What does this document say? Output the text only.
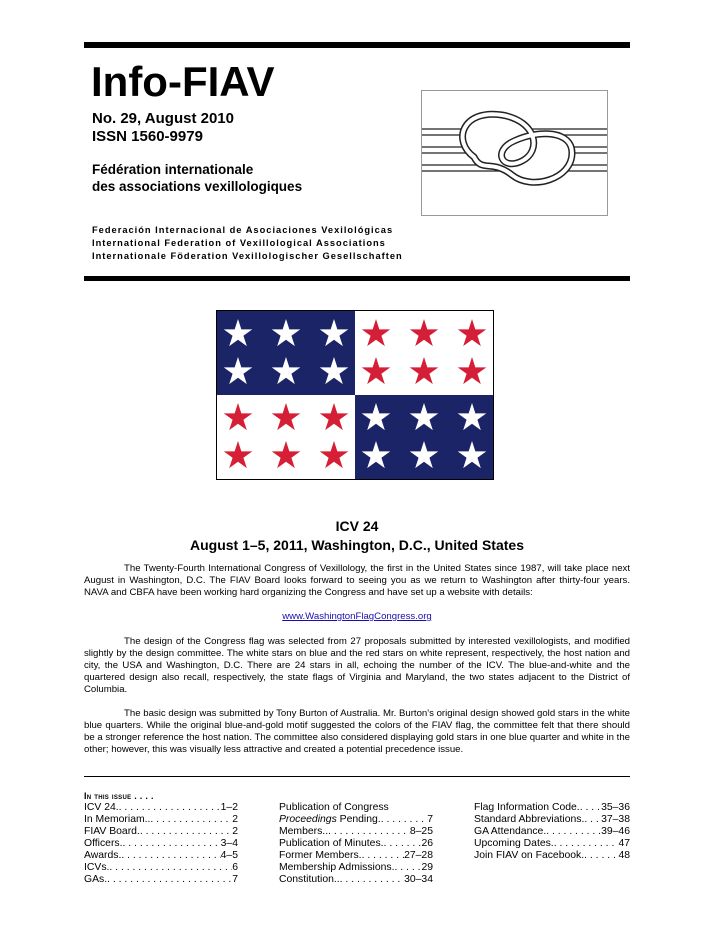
Info-FIAV
No. 29, August 2010
ISSN 1560-9979
Fédération internationale
des associations vexillologiques
Federación Internacional de Asociaciones Vexilológicas
International Federation of Vexillological Associations
Internationale Föderation Vexillologischer Gesellschaften
ICV 24
August 1–5, 2011, Washington, D.C., United States
The Twenty-Fourth International Congress of Vexillology, the first in the United States since 1987, will take place next August in Washington, D.C. The FIAV Board looks forward to seeing you as we return to Washington after thirty-four years. NAVA and CBFA have been working hard organizing the Congress and have set up a website with details:
www.WashingtonFlagCongress.org
The design of the Congress flag was selected from 27 proposals submitted by interested vexillologists, and modified slightly by the design committee. The white stars on blue and the red stars on white represent, respectively, the host nation and city, the USA and Washington, D.C. There are 24 stars in all, echoing the number of the ICV. The blue-and-white and the quartered design also recall, respectively, the state flags of Virginia and Maryland, the two states adjacent to the District of Columbia.
The basic design was submitted by Tony Burton of Australia. Mr. Burton's original design showed gold stars in the white blue quarters. While the original blue-and-gold motif suggested the colors of the FIAV flag, the committee felt that there should be a stronger reference the host nation. The committee also considered displaying gold stars in one blue quarter and white in the other; however, this was visually less attractive and created a potential precedence issue.
In this issue . . . .
ICV 24. . . .	1–2
In Memoriam.. . . .	2
FIAV Board. . . .	2
Officers. . . .	3–4
Awards. . . .	4–5
ICVs. . . .	6
GAs. . . .	7
Publication of Congress
Proceedings Pending. . . .	7
Members.. . . .	8–25
Publication of Minutes. . . .	26
Former Members. . . .	27–28
Membership Admissions. . . .	29
Constitution.. . . .	30–34
Flag Information Code. . . . 35–36
Standard Abbreviations. . . . 37–38
GA Attendance. . . .	39–46
Upcoming Dates. . . .	47
Join FIAV on Facebook. . . .	48
